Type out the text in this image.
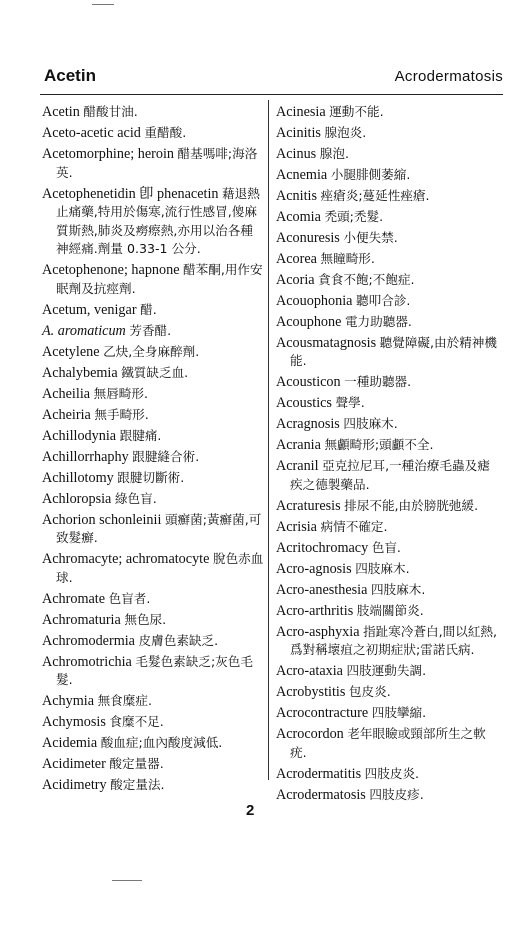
Acetin	Acrodermatosis
Acetin 醋酸甘油.
Aceto-acetic acid 重醋酸.
Acetomorphine; heroin 醋基嗎啡;海洛英.
Acetophenetidin 卽 phenacetin 藉退熱止痛藥,特用於傷寒,流行性感冒,傻麻質斯熱,肺炎及癆瘵熱,亦用以治各種神經痛.劑量 0.33-1 公分.
Acetophenone; hapnone 醋苯酮,用作安眠劑及抗痙劑.
Acetum, venigar 醋.
A. aromaticum 芳香醋.
Acetylene 乙炔,全身麻醉劑.
Achalybemia 鐵質缺乏血.
Acheilia 無唇畸形.
Acheiria 無手畸形.
Achillodynia 跟腱痛.
Achillorrhaphy 跟腱縫合術.
Achillotomy 跟腱切斷術.
Achloropsia 綠色盲.
Achorion schonleinii 頭癬菌;黃癬菌,可致髮癬.
Achromacyte; achromatocyte 脫色赤血球.
Achromate 色盲者.
Achromaturia 無色尿.
Achromodermia 皮膚色素缺乏.
Achromotrichia 毛髮色素缺乏;灰色毛髮.
Achymia 無食糜症.
Achymosis 食糜不足.
Acidemia 酸血症;血內酸度減低.
Acidimeter 酸定量器.
Acidimetry 酸定量法.
Acinesia 運動不能.
Acinitis 腺泡炎.
Acinus 腺泡.
Acnemia 小腿腓側萎縮.
Acnitis 痤瘡炎;蔓延性痤瘡.
Acomia 禿頭;禿髮.
Aconuresis 小便失禁.
Acorea 無瞳畸形.
Acoria 貪食不飽;不飽症.
Acouophonia 聽叩合診.
Acouphone 電力助聽器.
Acousmatagnosis 聽覺障礙,由於精神機能.
Acousticon 一種助聽器.
Acoustics 聲學.
Acragnosis 四肢麻木.
Acrania 無顱畸形;頭顱不全.
Acranil 亞克拉尼耳,一種治療毛蟲及瘧疾之德製藥品.
Acraturesis 排尿不能,由於膀胱弛緩.
Acrisia 病情不確定.
Acritochromacy 色盲.
Acro-agnosis 四肢麻木.
Acro-anesthesia 四肢麻木.
Acro-arthritis 肢端關節炎.
Acro-asphyxia 指趾寒冷蒼白,間以紅熱,爲對稱壞疽之初期症狀;雷諾氏病.
Acro-ataxia 四肢運動失調.
Acrobystitis 包皮炎.
Acrocontracture 四肢攣縮.
Acrocordon 老年眼瞼或頸部所生之軟疣.
Acrodermatitis 四肢皮炎.
Acrodermatosis 四肢皮疹.
2
